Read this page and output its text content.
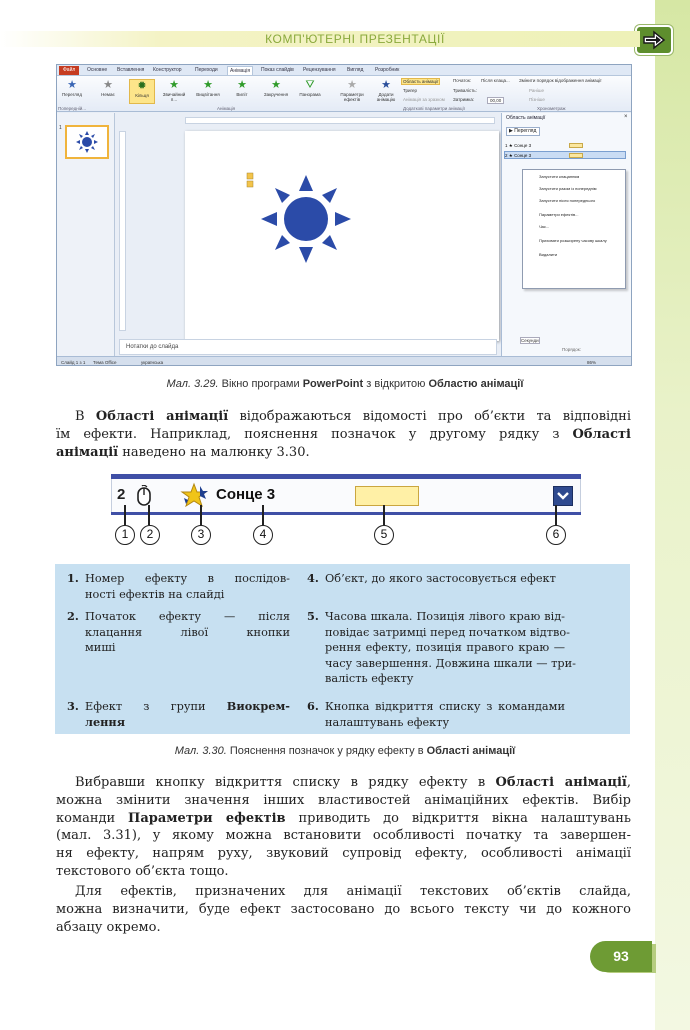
КОМП'ЮТЕРНІ ПРЕЗЕНТАЦІЇ
Файл	Основне Вставлення Конструктор	Переходи	Анімація	Показ слайдів Рецензування Вигляд Розробник
★
Перегляд
★
Немає
✹
Кільця
★
Звичайний п...
★
Вицвітання
★
Виліт
★
Закручення
⛛
Панорама
★
Параметри ефектів
★
Додати анімацію
Область анімації
Тригер
Анімація за зразком
Початок: Після клаца...
Тривалість:
Затримка:	00,00
Змінити порядок відображення анімації
Раніше
Пізніше
Попередній...	Анімація	Додаткові параметри анімації	Хронометраж
1
Нотатки до слайда
Область анімації	×
▶ Перегляд
1 ★ Сонце 3
2 ★ Сонце 3
Запустити клацанням
Запустити разом із попереднім
Запустити після попереднього
Параметри ефектів...
Час...
Приховати розширену часову шкалу
Видалити
Секунди
Порядок:
Слайд 1 з 1 Тема Office	українська	86%
Мал. 3.29. Вікно програми PowerPoint з відкритою Областю анімації
В Області анімації відображаються відомості про об’єкти та відповідні
їм ефекти. Наприклад, пояснення позначок у другому рядку з Області
анімації наведено на малюнку 3.30.
2	Сонце 3
1	2	3	4	5	6
1. Номер ефекту в послідов-
ності ефектів на слайді
2. Початок ефекту — після
клацання лівої кнопки
миші
3. Ефект з групи Виокрем-
лення
4. Об’єкт, до якого застосовується ефект
5. Часова шкала. Позиція лівого краю від-
повідає затримці перед початком відтво-
рення ефекту, позиція правого краю —
часу завершення. Довжина шкали — три-
валість ефекту
6. Кнопка відкриття списку з командами
налаштувань ефекту
Мал. 3.30. Пояснення позначок у рядку ефекту в Області анімації
Вибравши кнопку відкриття списку в рядку ефекту в Області анімації,
можна змінити значення інших властивостей анімаційних ефектів. Вибір
команди Параметри ефектів приводить до відкриття вікна налаштувань
(мал. 3.31), у якому можна встановити особливості початку та завершен-
ня ефекту, напрям руху, звуковий супровід ефекту, особливості анімації
текстового об’єкта тощо.
Для ефектів, призначених для анімації текстових об’єктів слайда,
можна визначити, буде ефект застосовано до всього тексту чи до кожного
абзацу окремо.
93
